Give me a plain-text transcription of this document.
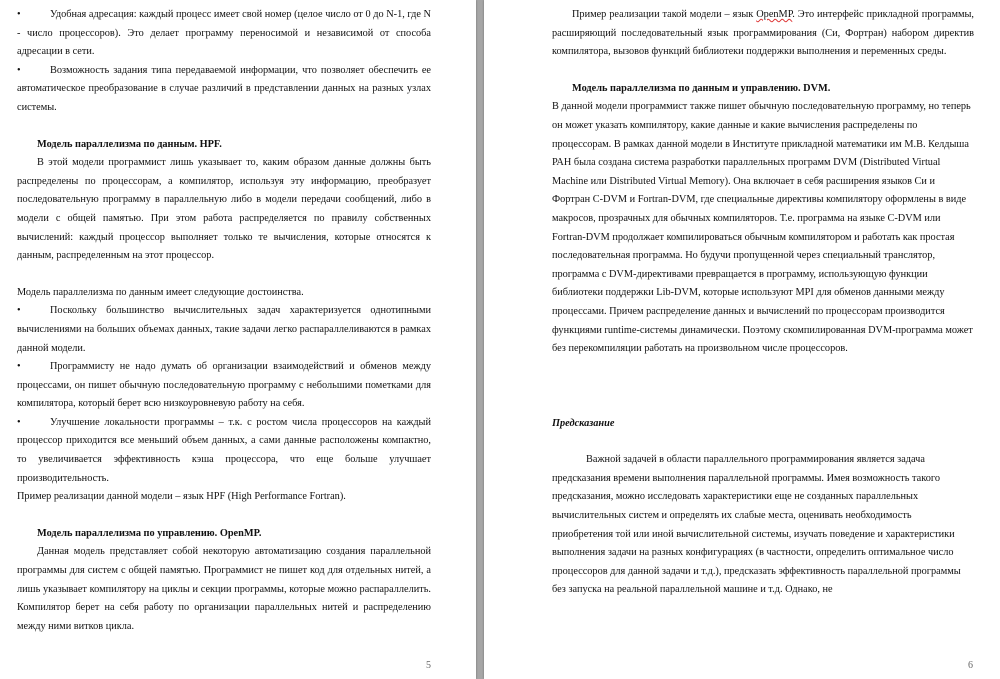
•	Удобная адресация: каждый процесс имеет свой номер (целое число от 0 до N-1, где N - число процессоров). Это делает программу переносимой и независимой от способа адресации в сети.

•	Возможность задания типа передаваемой информации, что позволяет обеспечить ее автоматическое преобразование в случае различий в представлении данных на разных узлах системы.

Модель параллелизма по данным. HPF.

В этой модели программист лишь указывает то, каким образом данные должны быть распределены по процессорам, а компилятор, используя эту информацию, преобразует последовательную программу в параллельную либо в модели передачи сообщений, либо в модели с общей памятью. При этом работа распределяется по правилу собственных вычислений: каждый процессор выполняет только те вычисления, которые относятся к данным, распределенным на этот процессор.

Модель параллелизма по данным имеет следующие достоинства.

•	Поскольку большинство вычислительных задач характеризуется однотипными вычислениями на больших объемах данных, такие задачи легко распараллеливаются в рамках данной модели.

•	Программисту не надо думать об организации взаимодействий и обменов между процессами, он пишет обычную последовательную программу с небольшими пометками для компилятора, который берет всю низкоуровневую работу на себя.

•	Улучшение локальности программы – т.к. с ростом числа процессоров на каждый процессор приходится все меньший объем данных, а сами данные расположены компактно, то увеличивается эффективность кэша процессора, что еще больше улучшает производительность.

Пример реализации данной модели – язык HPF (High Performance Fortran).

Модель параллелизма по управлению. OpenMP.

Данная модель представляет собой некоторую автоматизацию создания параллельной программы для систем с общей памятью. Программист не пишет код для отдельных нитей, а лишь указывает компилятору на циклы и секции программы, которые можно распараллелить. Компилятор берет на себя работу по организации параллельных нитей и распределению между ними витков цикла.

5

Пример реализации такой модели – язык OpenMP. Это интерфейс прикладной программы, расширяющий последовательный язык программирования (Си, Фортран) набором директив компилятора, вызовов функций библиотеки поддержки выполнения и переменных среды.

Модель параллелизма по данным и управлению. DVM.

В данной модели программист также пишет обычную последовательную программу, но теперь он может указать компилятору, какие данные и какие вычисления распределены по процессорам. В рамках данной модели в Институте прикладной математики им М.В. Келдыша РАН была создана система разработки параллельных программ DVM (Distributed Virtual Machine или Distributed Virtual Memory). Она включает в себя расширения языков Си и Фортран C-DVM и Fortran-DVM, где специальные директивы компилятору оформлены в виде макросов, прозрачных для обычных компиляторов. Т.е. программа на языке C-DVM или Fortran-DVM продолжает компилироваться обычным компилятором и работать как простая последовательная программа. Но будучи пропущенной через специальный транслятор, программа с DVM-директивами превращается в программу, использующую функции библиотеки поддержки Lib-DVM, которые используют MPI для обменов данными между процессами. Причем распределение данных и вычислений по процессорам производится функциями runtime-системы динамически. Поэтому скомпилированная DVM-программа может без перекомпиляции работать на произвольном числе процессоров.

Предсказание

Важной задачей в области параллельного программирования является задача предсказания времени выполнения параллельной программы. Имея возможность такого предсказания, можно исследовать характеристики еще не созданных параллельных вычислительных систем и определять их слабые места, оценивать необходимость приобретения той или иной вычислительной системы, изучать поведение и характеристики выполнения задачи на разных конфигурациях (в частности, определить оптимальное число процессоров для данной задачи и т.д.), предсказать эффективность параллельной программы без запуска на реальной параллельной машине и т.д. Однако, не

6
